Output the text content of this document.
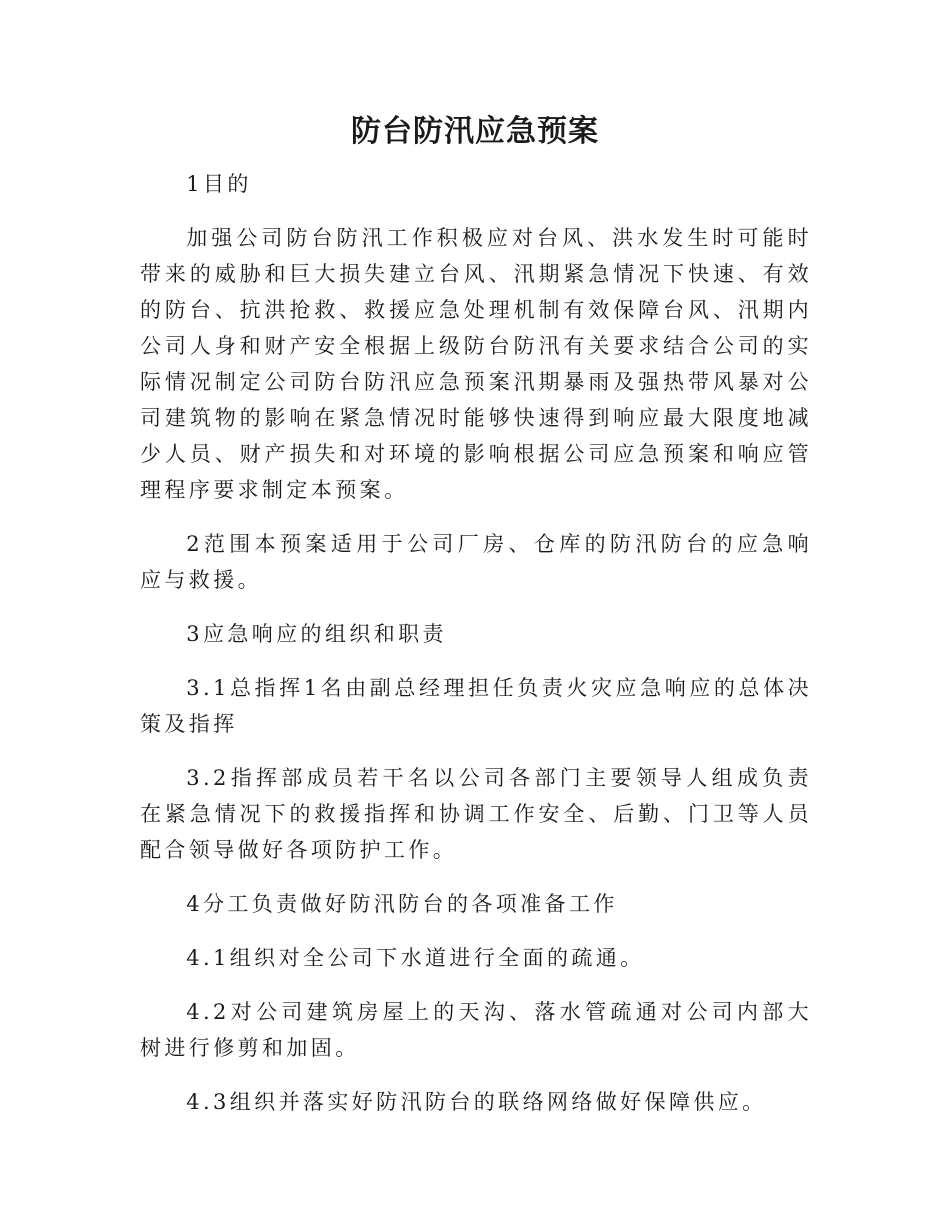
防台防汛应急预案

1目的

加强公司防台防汛工作积极应对台风、洪水发生时可能时带来的威胁和巨大损失建立台风、汛期紧急情况下快速、有效的防台、抗洪抢救、救援应急处理机制有效保障台风、汛期内公司人身和财产安全根据上级防台防汛有关要求结合公司的实际情况制定公司防台防汛应急预案汛期暴雨及强热带风暴对公司建筑物的影响在紧急情况时能够快速得到响应最大限度地减少人员、财产损失和对环境的影响根据公司应急预案和响应管理程序要求制定本预案。

2范围本预案适用于公司厂房、仓库的防汛防台的应急响应与救援。

3应急响应的组织和职责

3.1总指挥1名由副总经理担任负责火灾应急响应的总体决策及指挥

3.2指挥部成员若干名以公司各部门主要领导人组成负责在紧急情况下的救援指挥和协调工作安全、后勤、门卫等人员配合领导做好各项防护工作。

4分工负责做好防汛防台的各项准备工作

4.1组织对全公司下水道进行全面的疏通。

4.2对公司建筑房屋上的天沟、落水管疏通对公司内部大树进行修剪和加固。

4.3组织并落实好防汛防台的联络网络做好保障供应。
